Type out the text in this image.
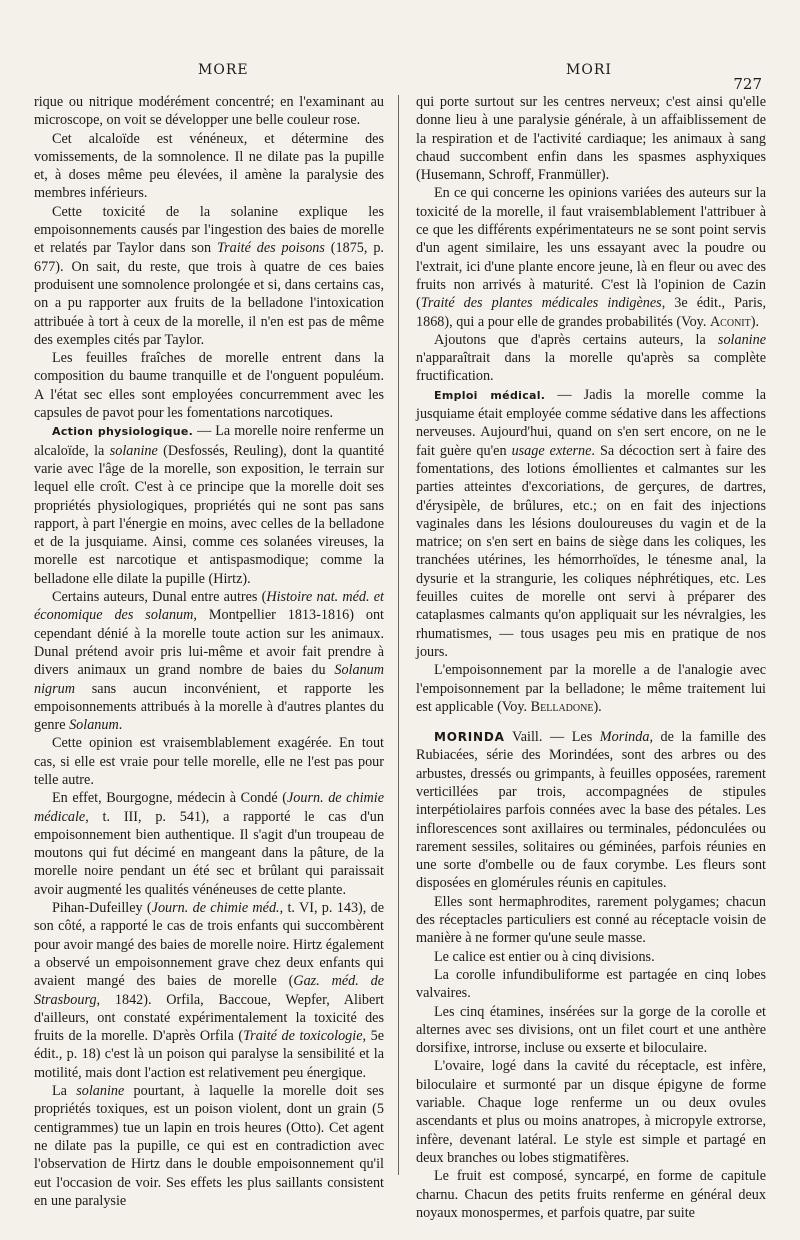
MORE	MORI
727

rique ou nitrique modérément concentré; en l'examinant au microscope, on voit se développer une belle couleur rose.

Cet alcaloïde est vénéneux, et détermine des vomissements, de la somnolence. Il ne dilate pas la pupille et, à doses même peu élevées, il amène la paralysie des membres inférieurs.

Cette toxicité de la solanine explique les empoisonnements causés par l'ingestion des baies de morelle et relatés par Taylor dans son Traité des poisons (1875, p. 677). On sait, du reste, que trois à quatre de ces baies produisent une somnolence prolongée et si, dans certains cas, on a pu rapporter aux fruits de la belladone l'intoxication attribuée à tort à ceux de la morelle, il n'en est pas de même des exemples cités par Taylor.

Les feuilles fraîches de morelle entrent dans la composition du baume tranquille et de l'onguent populéum. A l'état sec elles sont employées concurremment avec les capsules de pavot pour les fomentations narcotiques.

Action physiologique. — La morelle noire renferme un alcaloïde, la solanine (Desfossés, Reuling), dont la quantité varie avec l'âge de la morelle, son exposition, le terrain sur lequel elle croît. C'est à ce principe que la morelle doit ses propriétés physiologiques, propriétés qui ne sont pas sans rapport, à part l'énergie en moins, avec celles de la belladone et de la jusquiame. Ainsi, comme ces solanées vireuses, la morelle est narcotique et antispasmodique; comme la belladone elle dilate la pupille (Hirtz).

Certains auteurs, Dunal entre autres (Histoire nat. méd. et économique des solanum, Montpellier 1813-1816) ont cependant dénié à la morelle toute action sur les animaux. Dunal prétend avoir pris lui-même et avoir fait prendre à divers animaux un grand nombre de baies du Solanum nigrum sans aucun inconvénient, et rapporte les empoisonnements attribués à la morelle à d'autres plantes du genre Solanum.

Cette opinion est vraisemblablement exagérée. En tout cas, si elle est vraie pour telle morelle, elle ne l'est pas pour telle autre.

En effet, Bourgogne, médecin à Condé (Journ. de chimie médicale, t. III, p. 541), a rapporté le cas d'un empoisonnement bien authentique. Il s'agit d'un troupeau de moutons qui fut décimé en mangeant dans la pâture, de la morelle noire pendant un été sec et brûlant qui paraissait avoir augmenté les qualités vénéneuses de cette plante.

Pihan-Dufeilley (Journ. de chimie méd., t. VI, p. 143), de son côté, a rapporté le cas de trois enfants qui succombèrent pour avoir mangé des baies de morelle noire. Hirtz également a observé un empoisonnement grave chez deux enfants qui avaient mangé des baies de morelle (Gaz. méd. de Strasbourg, 1842). Orfila, Baccoue, Wepfer, Alibert d'ailleurs, ont constaté expérimentalement la toxicité des fruits de la morelle. D'après Orfila (Traité de toxicologie, 5e édit., p. 18) c'est là un poison qui paralyse la sensibilité et la motilité, mais dont l'action est relativement peu énergique.

La solanine pourtant, à laquelle la morelle doit ses propriétés toxiques, est un poison violent, dont un grain (5 centigrammes) tue un lapin en trois heures (Otto). Cet agent ne dilate pas la pupille, ce qui est en contradiction avec l'observation de Hirtz dans le double empoisonnement qu'il eut l'occasion de voir. Ses effets les plus saillants consistent en une paralysie

qui porte surtout sur les centres nerveux; c'est ainsi qu'elle donne lieu à une paralysie générale, à un affaiblissement de la respiration et de l'activité cardiaque; les animaux à sang chaud succombent enfin dans les spasmes asphyxiques (Husemann, Schroff, Franmüller).

En ce qui concerne les opinions variées des auteurs sur la toxicité de la morelle, il faut vraisemblablement l'attribuer à ce que les différents expérimentateurs ne se sont point servis d'un agent similaire, les uns essayant avec la poudre ou l'extrait, ici d'une plante encore jeune, là en fleur ou avec des fruits non arrivés à maturité. C'est là l'opinion de Cazin (Traité des plantes médicales indigènes, 3e édit., Paris, 1868), qui a pour elle de grandes probabilités (Voy. Aconit).

Ajoutons que d'après certains auteurs, la solanine n'apparaîtrait dans la morelle qu'après sa complète fructification.

Emploi médical. — Jadis la morelle comme la jusquiame était employée comme sédative dans les affections nerveuses. Aujourd'hui, quand on s'en sert encore, on ne le fait guère qu'en usage externe. Sa décoction sert à faire des fomentations, des lotions émollientes et calmantes sur les parties atteintes d'excoriations, de gerçures, de dartres, d'érysipèle, de brûlures, etc.; on en fait des injections vaginales dans les lésions douloureuses du vagin et de la matrice; on s'en sert en bains de siège dans les coliques, les tranchées utérines, les hémorrhoïdes, le ténesme anal, la dysurie et la strangurie, les coliques néphrétiques, etc. Les feuilles cuites de morelle ont servi à préparer des cataplasmes calmants qu'on appliquait sur les névralgies, les rhumatismes, — tous usages peu mis en pratique de nos jours.

L'empoisonnement par la morelle a de l'analogie avec l'empoisonnement par la belladone; le même traitement lui est applicable (Voy. Belladone).

MORINDA Vaill. — Les Morinda, de la famille des Rubiacées, série des Morindées, sont des arbres ou des arbustes, dressés ou grimpants, à feuilles opposées, rarement verticillées par trois, accompagnées de stipules interpétiolaires parfois connées avec la base des pétales. Les inflorescences sont axillaires ou terminales, pédonculées ou rarement sessiles, solitaires ou géminées, parfois réunies en une sorte d'ombelle ou de faux corymbe. Les fleurs sont disposées en glomérules réunis en capitules.

Elles sont hermaphrodites, rarement polygames; chacun des réceptacles particuliers est conné au réceptacle voisin de manière à ne former qu'une seule masse.

Le calice est entier ou à cinq divisions.

La corolle infundibuliforme est partagée en cinq lobes valvaires.

Les cinq étamines, insérées sur la gorge de la corolle et alternes avec ses divisions, ont un filet court et une anthère dorsifixe, introrse, incluse ou exserte et biloculaire.

L'ovaire, logé dans la cavité du réceptacle, est infère, biloculaire et surmonté par un disque épigyne de forme variable. Chaque loge renferme un ou deux ovules ascendants et plus ou moins anatropes, à micropyle extrorse, infère, devenant latéral. Le style est simple et partagé en deux branches ou lobes stigmatifères.

Le fruit est composé, syncarpé, en forme de capitule charnu. Chacun des petits fruits renferme en général deux noyaux monospermes, et parfois quatre, par suite
